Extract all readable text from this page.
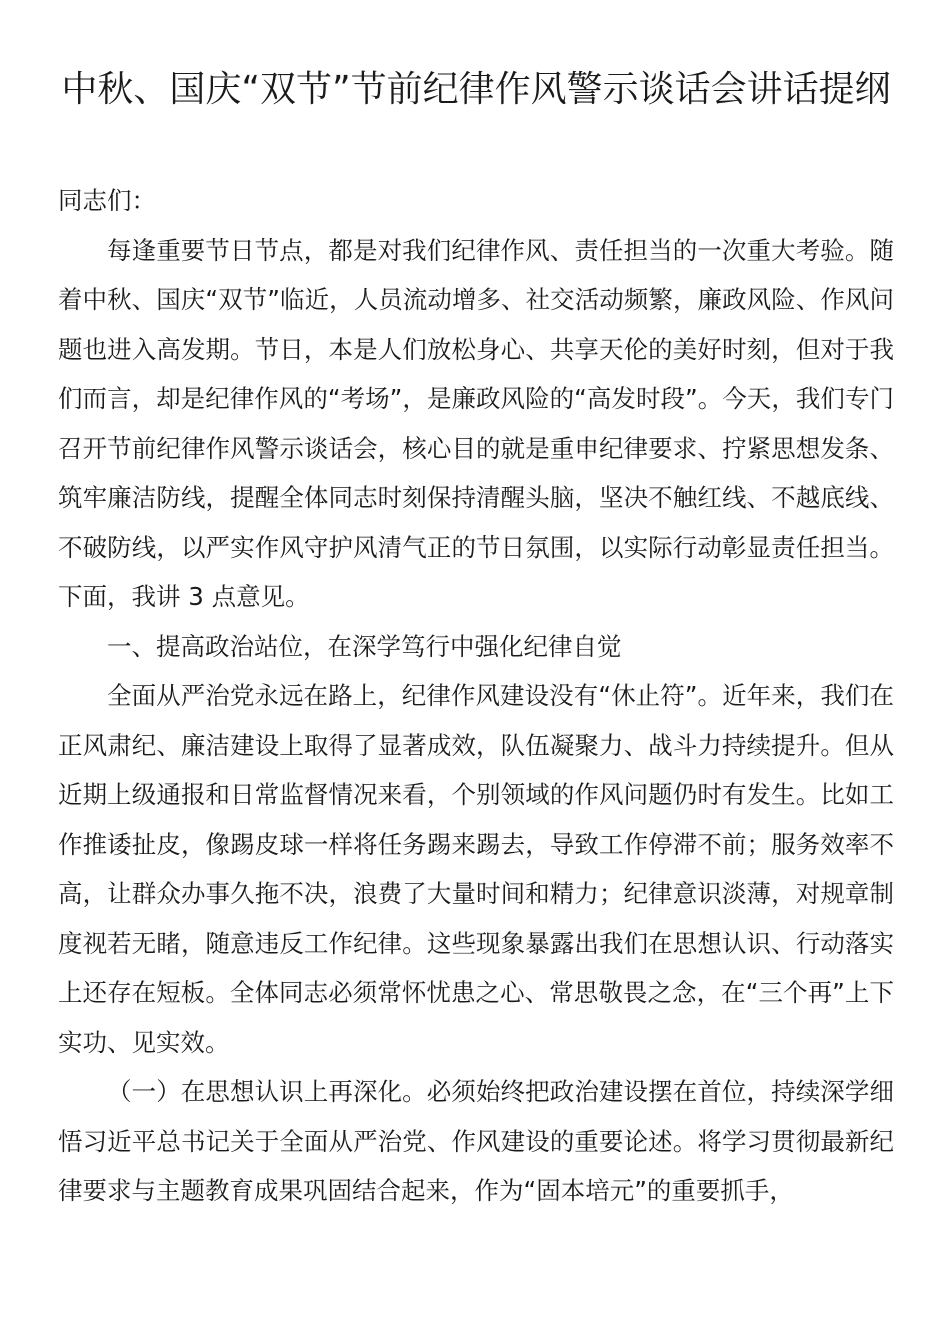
中秋、国庆“双节”节前纪律作风警示谈话会讲话提纲

同志们：

每逢重要节日节点，都是对我们纪律作风、责任担当的一次重大考验。随着中秋、国庆“双节”临近，人员流动增多、社交活动频繁，廉政风险、作风问题也进入高发期。节日，本是人们放松身心、共享天伦的美好时刻，但对于我们而言，却是纪律作风的“考场”，是廉政风险的“高发时段”。今天，我们专门召开节前纪律作风警示谈话会，核心目的就是重申纪律要求、拧紧思想发条、筑牢廉洁防线，提醒全体同志时刻保持清醒头脑，坚决不触红线、不越底线、不破防线，以严实作风守护风清气正的节日氛围，以实际行动彰显责任担当。下面，我讲 3 点意见。

一、提高政治站位，在深学笃行中强化纪律自觉

全面从严治党永远在路上，纪律作风建设没有“休止符”。近年来，我们在正风肃纪、廉洁建设上取得了显著成效，队伍凝聚力、战斗力持续提升。但从近期上级通报和日常监督情况来看，个别领域的作风问题仍时有发生。比如工作推诿扯皮，像踢皮球一样将任务踢来踢去，导致工作停滞不前；服务效率不高，让群众办事久拖不决，浪费了大量时间和精力；纪律意识淡薄，对规章制度视若无睹，随意违反工作纪律。这些现象暴露出我们在思想认识、行动落实上还存在短板。全体同志必须常怀忧患之心、常思敬畏之念，在“三个再”上下实功、见实效。

（一）在思想认识上再深化。必须始终把政治建设摆在首位，持续深学细悟习近平总书记关于全面从严治党、作风建设的重要论述。将学习贯彻最新纪律要求与主题教育成果巩固结合起来，作为“固本培元”的重要抓手，
